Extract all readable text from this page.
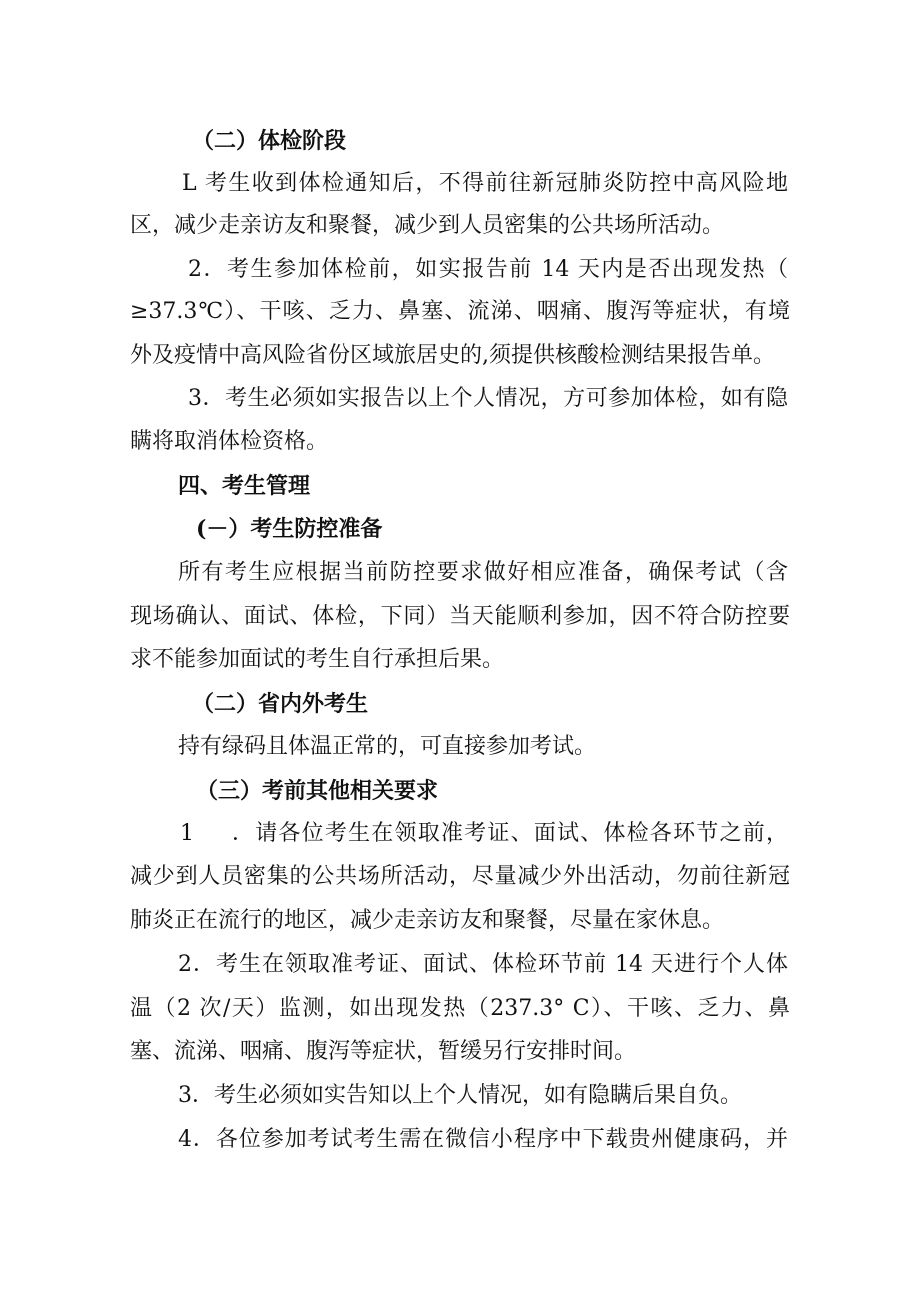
（二）体检阶段
L 考生收到体检通知后，不得前往新冠肺炎防控中高风险地
区，减少走亲访友和聚餐，减少到人员密集的公共场所活动。
2．考生参加体检前，如实报告前 14 天内是否出现发热（
≥37.3℃）、干咳、乏力、鼻塞、流涕、咽痛、腹泻等症状，有境
外及疫情中高风险省份区域旅居史的,须提供核酸检测结果报告单。
3．考生必须如实报告以上个人情况，方可参加体检，如有隐
瞒将取消体检资格。
四、考生管理
(－）考生防控准备
所有考生应根据当前防控要求做好相应准备，确保考试（含
现场确认、面试、体检，下同）当天能顺利参加，因不符合防控要
求不能参加面试的考生自行承担后果。
（二）省内外考生
持有绿码且体温正常的，可直接参加考试。
（三）考前其他相关要求
1 ．请各位考生在领取准考证、面试、体检各环节之前，
减少到人员密集的公共场所活动，尽量减少外出活动，勿前往新冠
肺炎正在流行的地区，减少走亲访友和聚餐，尽量在家休息。
2．考生在领取准考证、面试、体检环节前 14 天进行个人体
温（2 次/天）监测，如出现发热（237.3° C）、干咳、乏力、鼻
塞、流涕、咽痛、腹泻等症状，暂缓另行安排时间。
3．考生必须如实告知以上个人情况，如有隐瞒后果自负。
4．各位参加考试考生需在微信小程序中下载贵州健康码，并
